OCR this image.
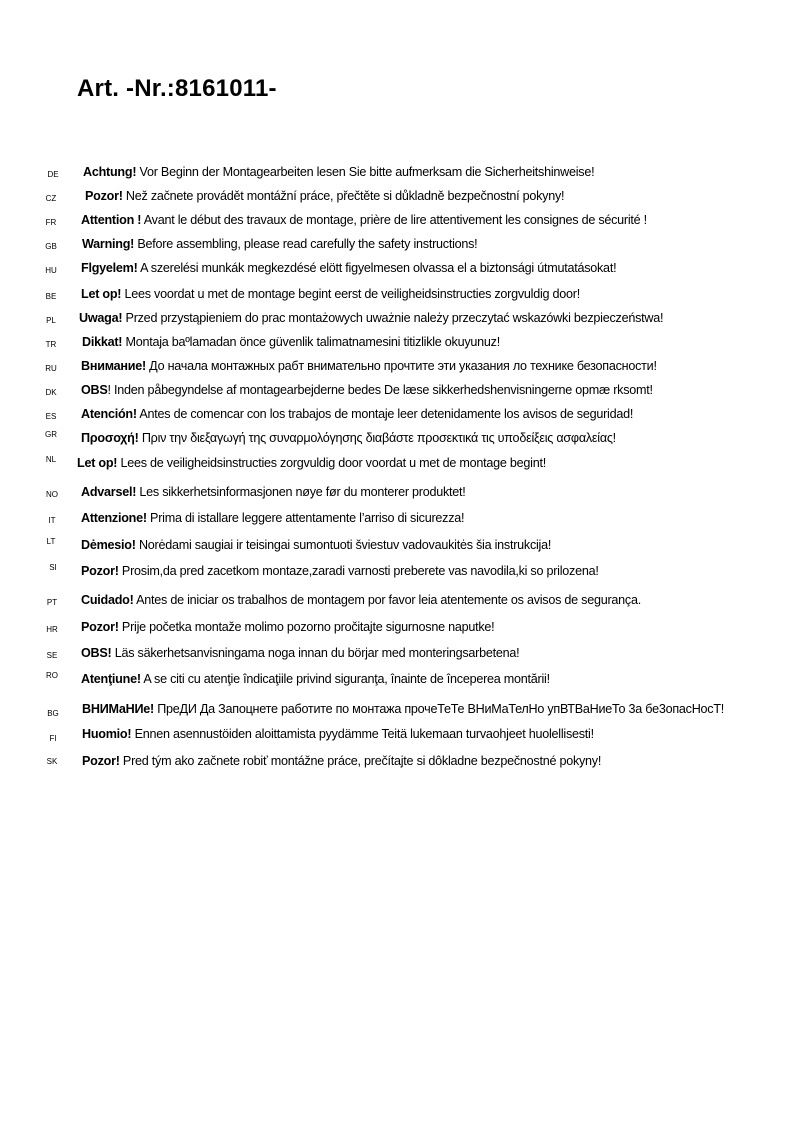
Art. -Nr.:8161011-
DE	Achtung! Vor Beginn der Montagearbeiten lesen Sie bitte aufmerksam die Sicherheitshinweise!
CZ	Pozor! Než začnete provádět montážní práce, přečtěte si důkladně bezpečnostní pokyny!
FR	Attention ! Avant le début des travaux de montage, prière de lire attentivement les consignes de sécurité !
GB	Warning! Before assembling, please read carefully the safety instructions!
HU	Flgyelem! A szerelési munkák megkezdésé elött figyelmesen olvassa el a biztonsági útmutatásokat!
BE	Let op! Lees voordat u met de montage begint eerst de veiligheidsinstructies zorgvuldig door!
PL	Uwaga! Przed przystąpieniem do prac montażowych uważnie należy przeczytać wskazówki bezpieczeństwa!
TR	Dikkat! Montaja baºlamadan önce güvenlik talimatnamesini titizlikle okuyunuz!
RU	Внимание! До начала монтажных рабт внимательно прочтите эти указания ло технике безопасности!
DK	OBS! Inden påbegyndelse af montagearbejderne bedes De læse sikkerhedshenvisningerne opmæ rksomt!
ES	Atención! Antes de comencar con los trabajos de montaje leer detenidamente los avisos de seguridad!
GR	Προσοχή! Πριν την διεξαγωγή της συναρμολόγησης διαβάστε προσεκτικά τις υποδείξεις ασφαλείας!
NL	Let op! Lees de veiligheidsinstructies zorgvuldig door voordat u met de montage begint!
NO	Advarsel! Les sikkerhetsinformasjonen nøye før du monterer produktet!
IT	Attenzione! Prima di istallare leggere attentamente l’arriso di sicurezza!
LT	Dėmesio! Norėdami saugiai ir teisingai sumontuoti šviestuv vadovaukitės šia instrukcija!
SI	Pozor! Prosim,da pred zacetkom montaze,zaradi varnosti preberete vas navodila,ki so prilozena!
PT	Cuidado! Antes de iniciar os trabalhos de montagem por favor leia atentemente os avisos de segurança.
HR	Pozor! Prije početka montaže molimo pozorno pročitajte sigurnosne naputke!
SE	OBS! Läs säkerhetsanvisningama noga innan du börjar med monteringsarbetena!
RO	Atenţiune! A se citi cu atenţie îndicaţiile privind siguranţa, înainte de începerea montării!
BG	ВНИМаНИе! ПреДИ Да Запоцнете работите по монтажа прочеТеТе ВНиМаТелНо упВТВаНиеТо 3а бе3опасНосТ!
FI	Huomio! Ennen asennustöiden aloittamista pyydämme Teitä lukemaan turvaohjeet huolellisesti!
SK	Pozor! Pred tým ako začnete robiť montážne práce, prečítajte si dôkladne bezpečnostné pokyny!
